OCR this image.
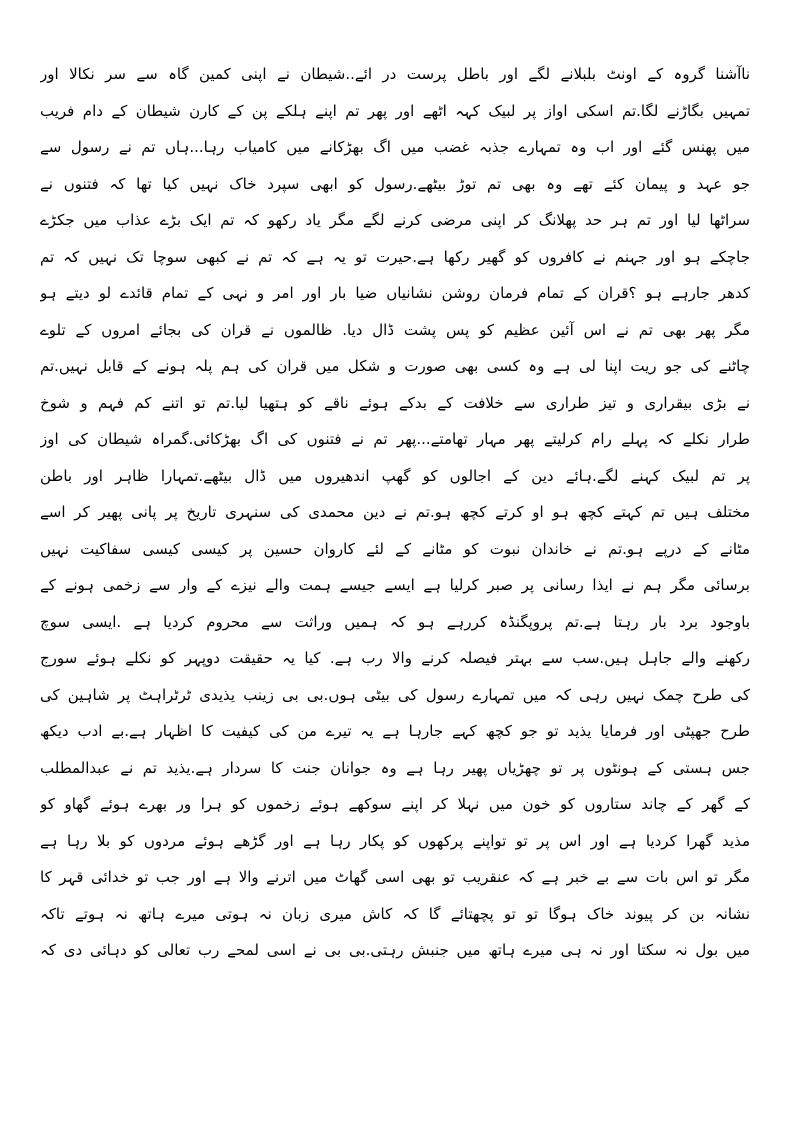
ناآشنا گروہ کے اونٹ بلبلانے لگے اور باطل پرست در ائے..شیطان نے اپنی کمین گاہ سے سر نکالا اور
تمہیں بگاڑنے لگا.تم اسکی اواز پر لبیک کہہ اٹھے اور پھر تم اپنے ہلکے پن کے کارن شیطان کے دام فریب
میں پھنس گئے اور اب وہ تمہارے جذبہ غضب میں اگ بھڑکانے میں کامیاب رہا...ہاں تم نے رسول سے
جو عہد و پیمان کئے تھے وہ بھی تم توڑ بیٹھے.رسول کو ابھی سپرد خاک نہیں کیا تھا کہ فتنوں نے
سراٹھا لیا اور تم ہر حد پھلانگ کر اپنی مرضی کرنے لگے مگر یاد رکھو کہ تم ایک بڑے عذاب میں جکڑے
جاچکے ہو اور جہنم نے کافروں کو گھیر رکھا ہے.حیرت تو یہ ہے کہ تم نے کبھی سوچا تک نہیں کہ تم
کدھر جارہے ہو ؟قران کے تمام فرمان روشن نشانیاں ضیا بار اور امر و نہی کے تمام قائدے لو دیتے ہو
مگر پھر بھی تم نے اس آئین عظیم کو پس پشت ڈال دیا. ظالموں نے قران کی بجائے امروں کے تلوے
چاٹنے کی جو ریت اپنا لی ہے وہ کسی بھی صورت و شکل میں قران کی ہم پلہ ہونے کے قابل نہیں.تم
نے بڑی بیقراری و تیز طراری سے خلافت کے بدکے ہوئے ناقے کو ہتھیا لیا.تم تو اتنے کم فہم و شوخ
طرار نکلے کہ پہلے رام کرلیتے پھر مہار تھامتے...پھر تم نے فتنوں کی اگ بھڑکائی.گمراہ شیطان کی اوز
پر تم لبیک کہنے لگے.ہائے دین کے اجالوں کو گھپ اندھیروں میں ڈال بیٹھے.تمہارا ظاہر اور باطن
مختلف ہیں تم کہتے کچھ ہو او کرتے کچھ ہو.تم نے دین محمدی کی سنہری تاریخ پر پانی پھیر کر اسے
مٹانے کے درپے ہو.تم نے خاندان نبوت کو مٹانے کے لئے کاروان حسین پر کیسی کیسی سفاکیت نہیں
برسائی مگر ہم نے ایذا رسانی پر صبر کرلیا ہے ایسے جیسے ہمت والے نیزے کے وار سے زخمی ہونے کے
باوجود برد بار رہتا ہے.تم پروپگنڈہ کررہے ہو کہ ہمیں وراثت سے محروم کردیا ہے .ایسی سوچ
رکھنے والے جاہل ہیں.سب سے بہتر فیصلہ کرنے والا رب ہے. کیا یہ حقیقت دوپہر کو نکلے ہوئے سورج
کی طرح چمک نہیں رہی کہ میں تمہارے رسول کی بیٹی ہوں.بی بی زینب یذیدی ٹرٹراہٹ پر شاہین کی
طرح جھپٹی اور فرمایا یذید تو جو کچھ کہے جارہا ہے یہ تیرے من کی کیفیت کا اظہار ہے.بے ادب دیکھ
جس ہستی کے ہونٹوں پر تو چھڑیاں پھیر رہا ہے وہ جوانان جنت کا سردار ہے.یذید تم نے عبدالمطلب
کے گھر کے چاند ستاروں کو خون میں نہلا کر اپنے سوکھے ہوئے زخموں کو ہرا ور بھرے ہوئے گھاو کو
مذید گھرا کردیا ہے اور اس پر تو تواپنے پرکھوں کو پکار رہا ہے اور گڑھے ہوئے مردوں کو بلا رہا ہے
مگر تو اس بات سے بے خبر ہے کہ عنقریب تو بھی اسی گھاٹ میں اترنے والا ہے اور جب تو خدائی قہر کا
نشانہ بن کر پیوند خاک ہوگا تو تو پچھتائے گا کہ کاش میری زبان نہ ہوتی میرے ہاتھ نہ ہوتے تاکہ
میں بول نہ سکتا اور نہ ہی میرے ہاتھ میں جنبش رہتی.بی بی نے اسی لمحے رب تعالی کو دہائی دی کہ
